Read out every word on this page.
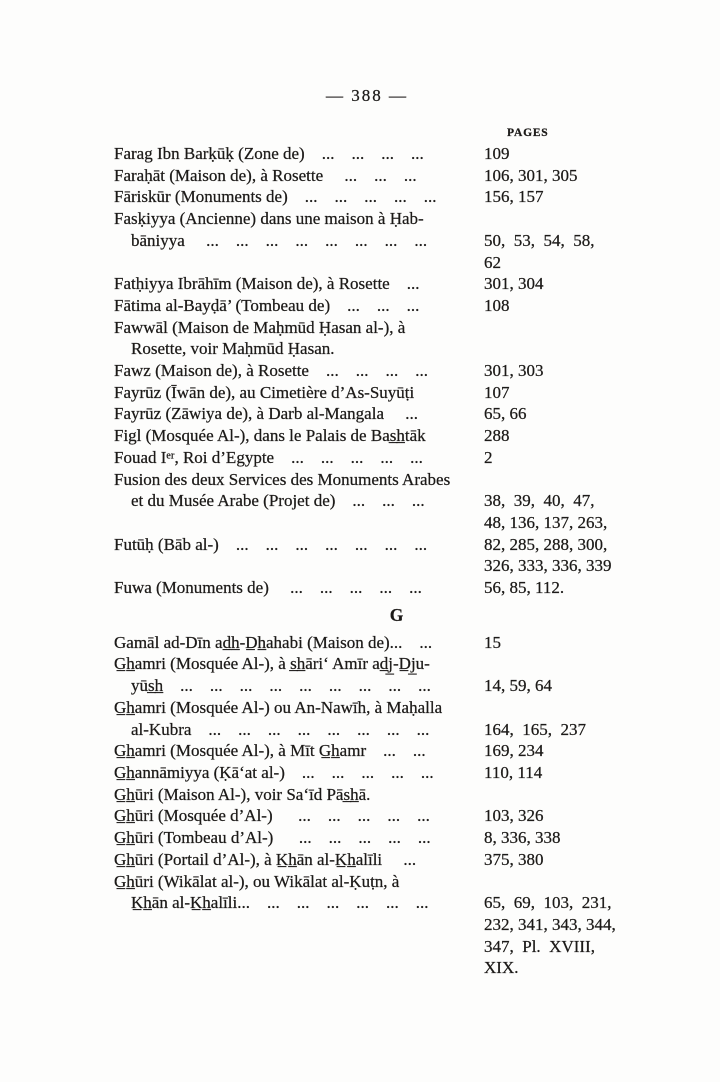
— 388 —
PAGES
Farag Ibn Barḳūḳ (Zone de)    ...    ...    ...    ...	109
Faraḥāt (Maison de), à Rosette     ...    ...    ...	106, 301, 305
Fāriskūr (Monuments de)    ...    ...    ...    ...    ...	156, 157
Fasḳiyya (Ancienne) dans une maison à Ḥab-
bāniyya     ...    ...    ...    ...    ...    ...    ...    ...	50,  53,  54,  58,
62
Fatḥiyya Ibrāhīm (Maison de), à Rosette    ...	301, 304
Fātima al-Bayḍā’ (Tombeau de)    ...    ...    ...	108
Fawwāl (Maison de Maḥmūd Ḥasan al-), à
Rosette, voir Maḥmūd Ḥasan.
Fawz (Maison de), à Rosette    ...    ...    ...    ...	301, 303
Fayrūz (Īwān de), au Cimetière d’As-Suyūṭi	107
Fayrūz (Zāwiya de), à Darb al-Mangala     ...	65, 66
Figl (Mosquée Al-), dans le Palais de Bas̲h̲tāk	288
Fouad Iᵉʳ, Roi d’Egypte    ...    ...    ...    ...    ...	2
Fusion des deux Services des Monuments Arabes
et du Musée Arabe (Projet de)    ...    ...    ...	38,  39,  40,  47,
48, 136, 137, 263,
Futūḥ (Bāb al-)    ...    ...    ...    ...    ...    ...    ...	82, 285, 288, 300,
326, 333, 336, 339
Fuwa (Monuments de)     ...    ...    ...    ...    ...	56, 85, 112.
G
Gamāl ad-Dīn ad̲h̲-D̲h̲ahabi (Maison de)...    ...	15
G̲h̲amri (Mosquée Al-), à s̲h̲āri‘ Amīr ad̲j̲-D̲j̲u-
yūs̲h̲    ...    ...    ...    ...    ...    ...    ...    ...    ...	14, 59, 64
G̲h̲amri (Mosquée Al-) ou An-Nawīh, à Maḥalla
al-Kubra    ...    ...    ...    ...    ...    ...    ...    ...	164,  165,  237
G̲h̲amri (Mosquée Al-), à Mīt G̲h̲amr    ...    ...	169, 234
G̲h̲annāmiyya (Ḳā‘at al-)    ...    ...    ...    ...    ...	110, 114
G̲h̲ūri (Maison Al-), voir Sa‘īd Pās̲h̲ā.
G̲h̲ūri (Mosquée d’Al-)      ...    ...    ...    ...    ...	103, 326
G̲h̲ūri (Tombeau d’Al-)      ...    ...    ...    ...    ...	8, 336, 338
G̲h̲ūri (Portail d’Al-), à K̲h̲ān al-K̲h̲alīli     ...	375, 380
G̲h̲ūri (Wikālat al-), ou Wikālat al-Ḳuṭn, à
K̲h̲ān al-K̲h̲alīli...    ...    ...    ...    ...    ...    ...	65,  69,  103,  231,
232, 341, 343, 344,
347,  Pl.  XVIII,
XIX.
